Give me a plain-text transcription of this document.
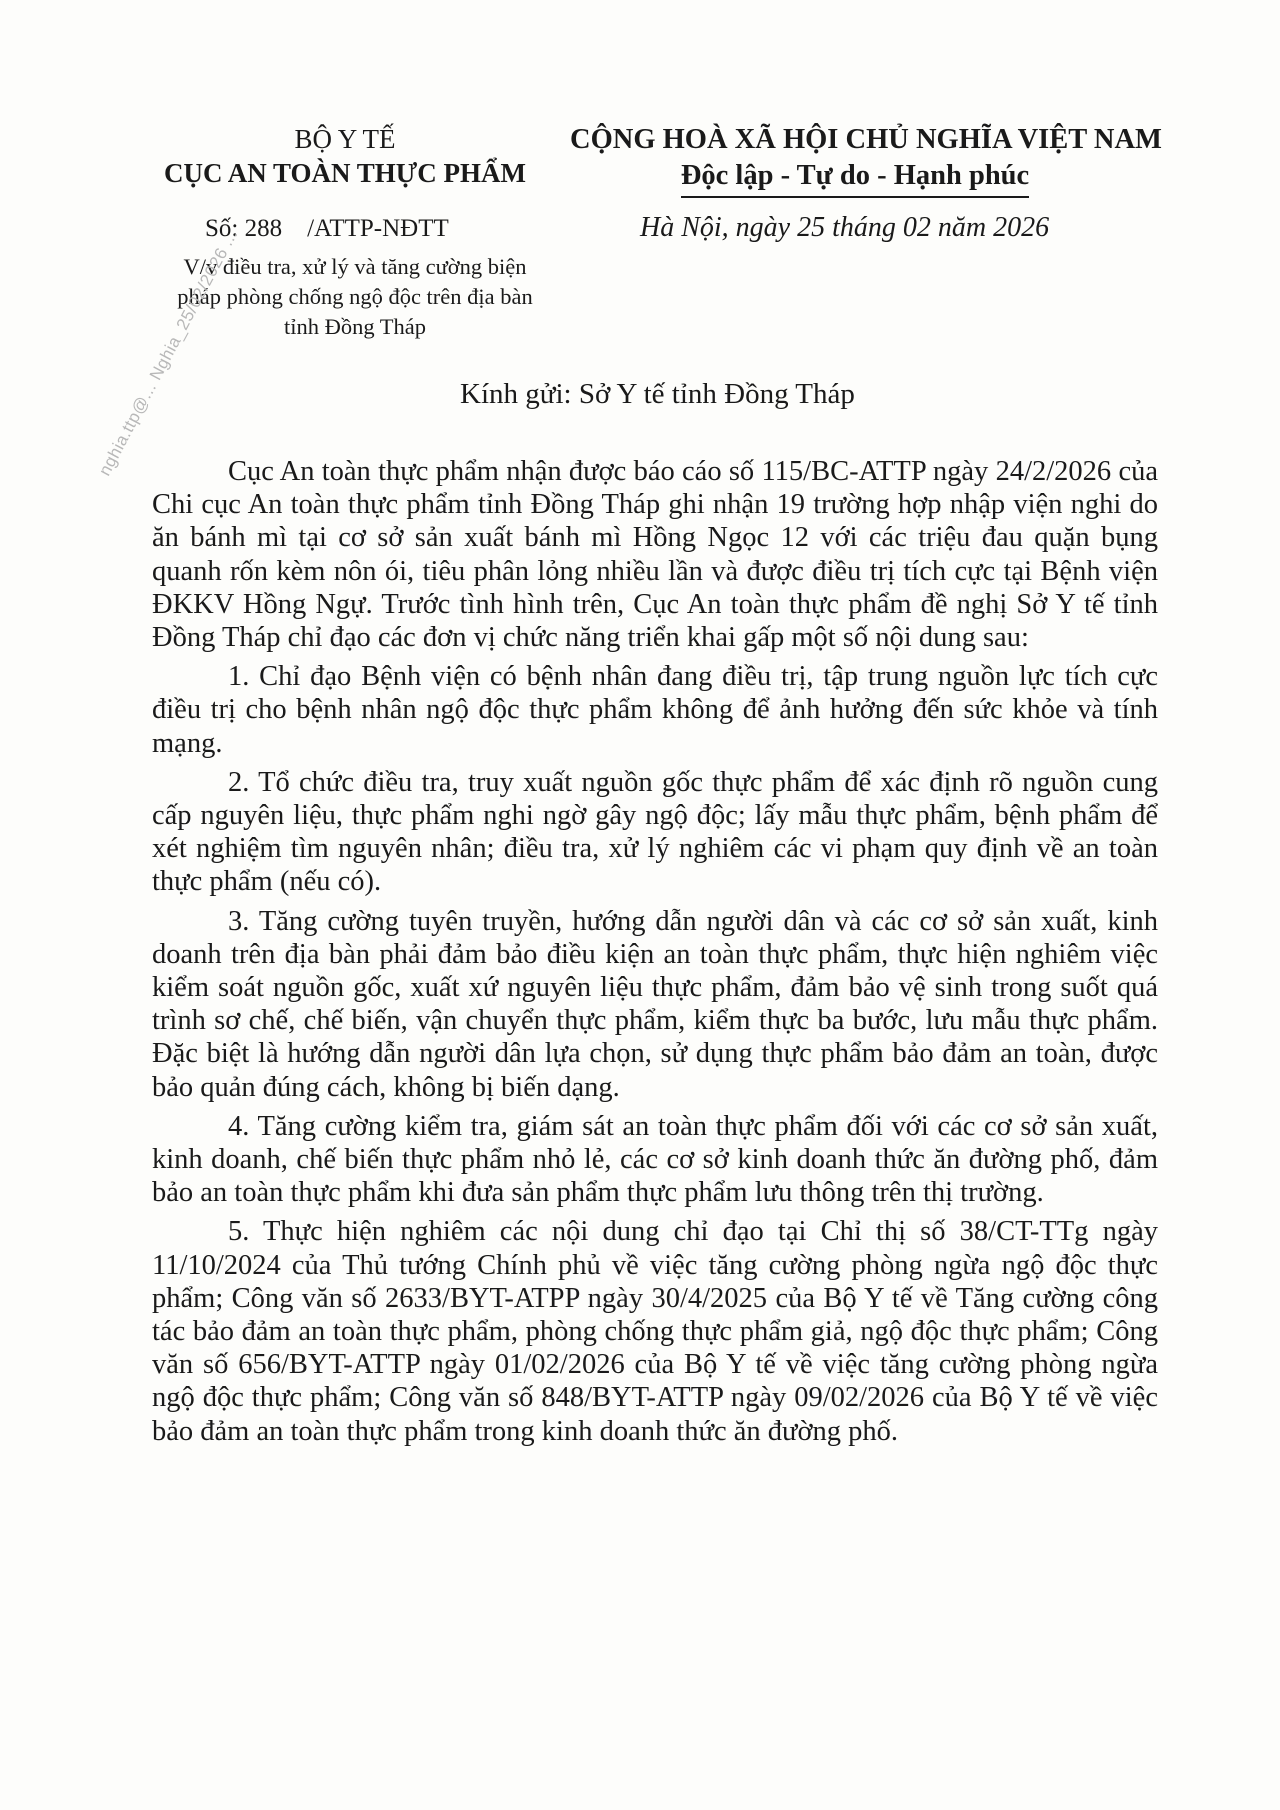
BỘ Y TẾ
CỤC AN TOÀN THỰC PHẨM
Số: 288    /ATTP-NĐTT
V/v điều tra, xử lý và tăng cường biện pháp phòng chống ngộ độc trên địa bàn tỉnh Đồng Tháp
CỘNG HOÀ XÃ HỘI CHỦ NGHĨA VIỆT NAM
Độc lập - Tự do - Hạnh phúc
Hà Nội, ngày 25 tháng 02 năm 2026
Kính gửi: Sở Y tế tỉnh Đồng Tháp
nghia.ttp@... Nghia_25/02/2026 ...

Cục An toàn thực phẩm nhận được báo cáo số 115/BC-ATTP ngày 24/2/2026 của Chi cục An toàn thực phẩm tỉnh Đồng Tháp ghi nhận 19 trường hợp nhập viện nghi do ăn bánh mì tại cơ sở sản xuất bánh mì Hồng Ngọc 12 với các triệu đau quặn bụng quanh rốn kèm nôn ói, tiêu phân lỏng nhiều lần và được điều trị tích cực tại Bệnh viện ĐKKV Hồng Ngự. Trước tình hình trên, Cục An toàn thực phẩm đề nghị Sở Y tế tỉnh Đồng Tháp chỉ đạo các đơn vị chức năng triển khai gấp một số nội dung sau:

1. Chỉ đạo Bệnh viện có bệnh nhân đang điều trị, tập trung nguồn lực tích cực điều trị cho bệnh nhân ngộ độc thực phẩm không để ảnh hưởng đến sức khỏe và tính mạng.

2. Tổ chức điều tra, truy xuất nguồn gốc thực phẩm để xác định rõ nguồn cung cấp nguyên liệu, thực phẩm nghi ngờ gây ngộ độc; lấy mẫu thực phẩm, bệnh phẩm để xét nghiệm tìm nguyên nhân; điều tra, xử lý nghiêm các vi phạm quy định về an toàn thực phẩm (nếu có).

3. Tăng cường tuyên truyền, hướng dẫn người dân và các cơ sở sản xuất, kinh doanh trên địa bàn phải đảm bảo điều kiện an toàn thực phẩm, thực hiện nghiêm việc kiểm soát nguồn gốc, xuất xứ nguyên liệu thực phẩm, đảm bảo vệ sinh trong suốt quá trình sơ chế, chế biến, vận chuyển thực phẩm, kiểm thực ba bước, lưu mẫu thực phẩm. Đặc biệt là hướng dẫn người dân lựa chọn, sử dụng thực phẩm bảo đảm an toàn, được bảo quản đúng cách, không bị biến dạng.

4. Tăng cường kiểm tra, giám sát an toàn thực phẩm đối với các cơ sở sản xuất, kinh doanh, chế biến thực phẩm nhỏ lẻ, các cơ sở kinh doanh thức ăn đường phố, đảm bảo an toàn thực phẩm khi đưa sản phẩm thực phẩm lưu thông trên thị trường.

5. Thực hiện nghiêm các nội dung chỉ đạo tại Chỉ thị số 38/CT-TTg ngày 11/10/2024 của Thủ tướng Chính phủ về việc tăng cường phòng ngừa ngộ độc thực phẩm; Công văn số 2633/BYT-ATPP ngày 30/4/2025 của Bộ Y tế về Tăng cường công tác bảo đảm an toàn thực phẩm, phòng chống thực phẩm giả, ngộ độc thực phẩm; Công văn số 656/BYT-ATTP ngày 01/02/2026 của Bộ Y tế về việc tăng cường phòng ngừa ngộ độc thực phẩm; Công văn số 848/BYT-ATTP ngày 09/02/2026 của Bộ Y tế về việc bảo đảm an toàn thực phẩm trong kinh doanh thức ăn đường phố.
